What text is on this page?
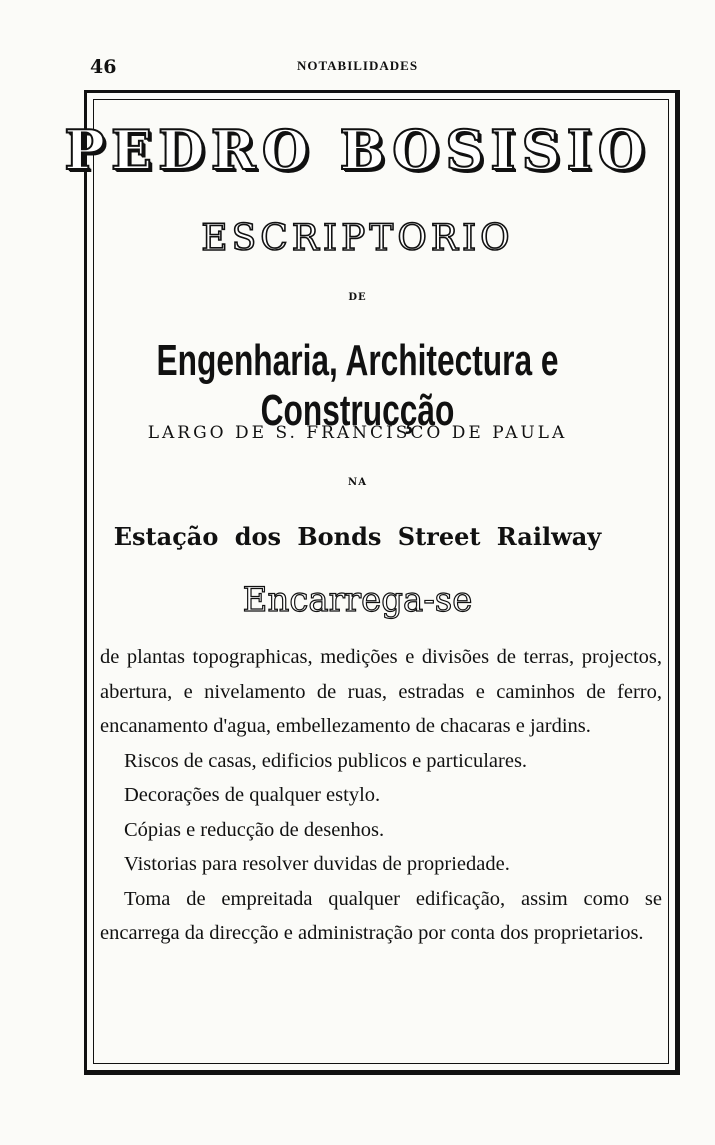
46	NOTABILIDADES
PEDRO BOSISIO
ESCRIPTORIO
DE
Engenharia, Architectura e Construcção
LARGO DE S. FRANCISCO DE PAULA
NA
Estação dos Bonds Street Railway
Encarrega-se

de plantas topographicas, medições e divisões de terras, projectos, abertura, e nivelamento de ruas, estradas e caminhos de ferro, encanamento d'agua, embellezamento de chacaras e jardins.

Riscos de casas, edificios publicos e particulares.

Decorações de qualquer estylo.

Cópias e reducção de desenhos.

Vistorias para resolver duvidas de propriedade.

Toma de empreitada qualquer edificação, assim como se encarrega da direcção e administração por conta dos proprietarios.
